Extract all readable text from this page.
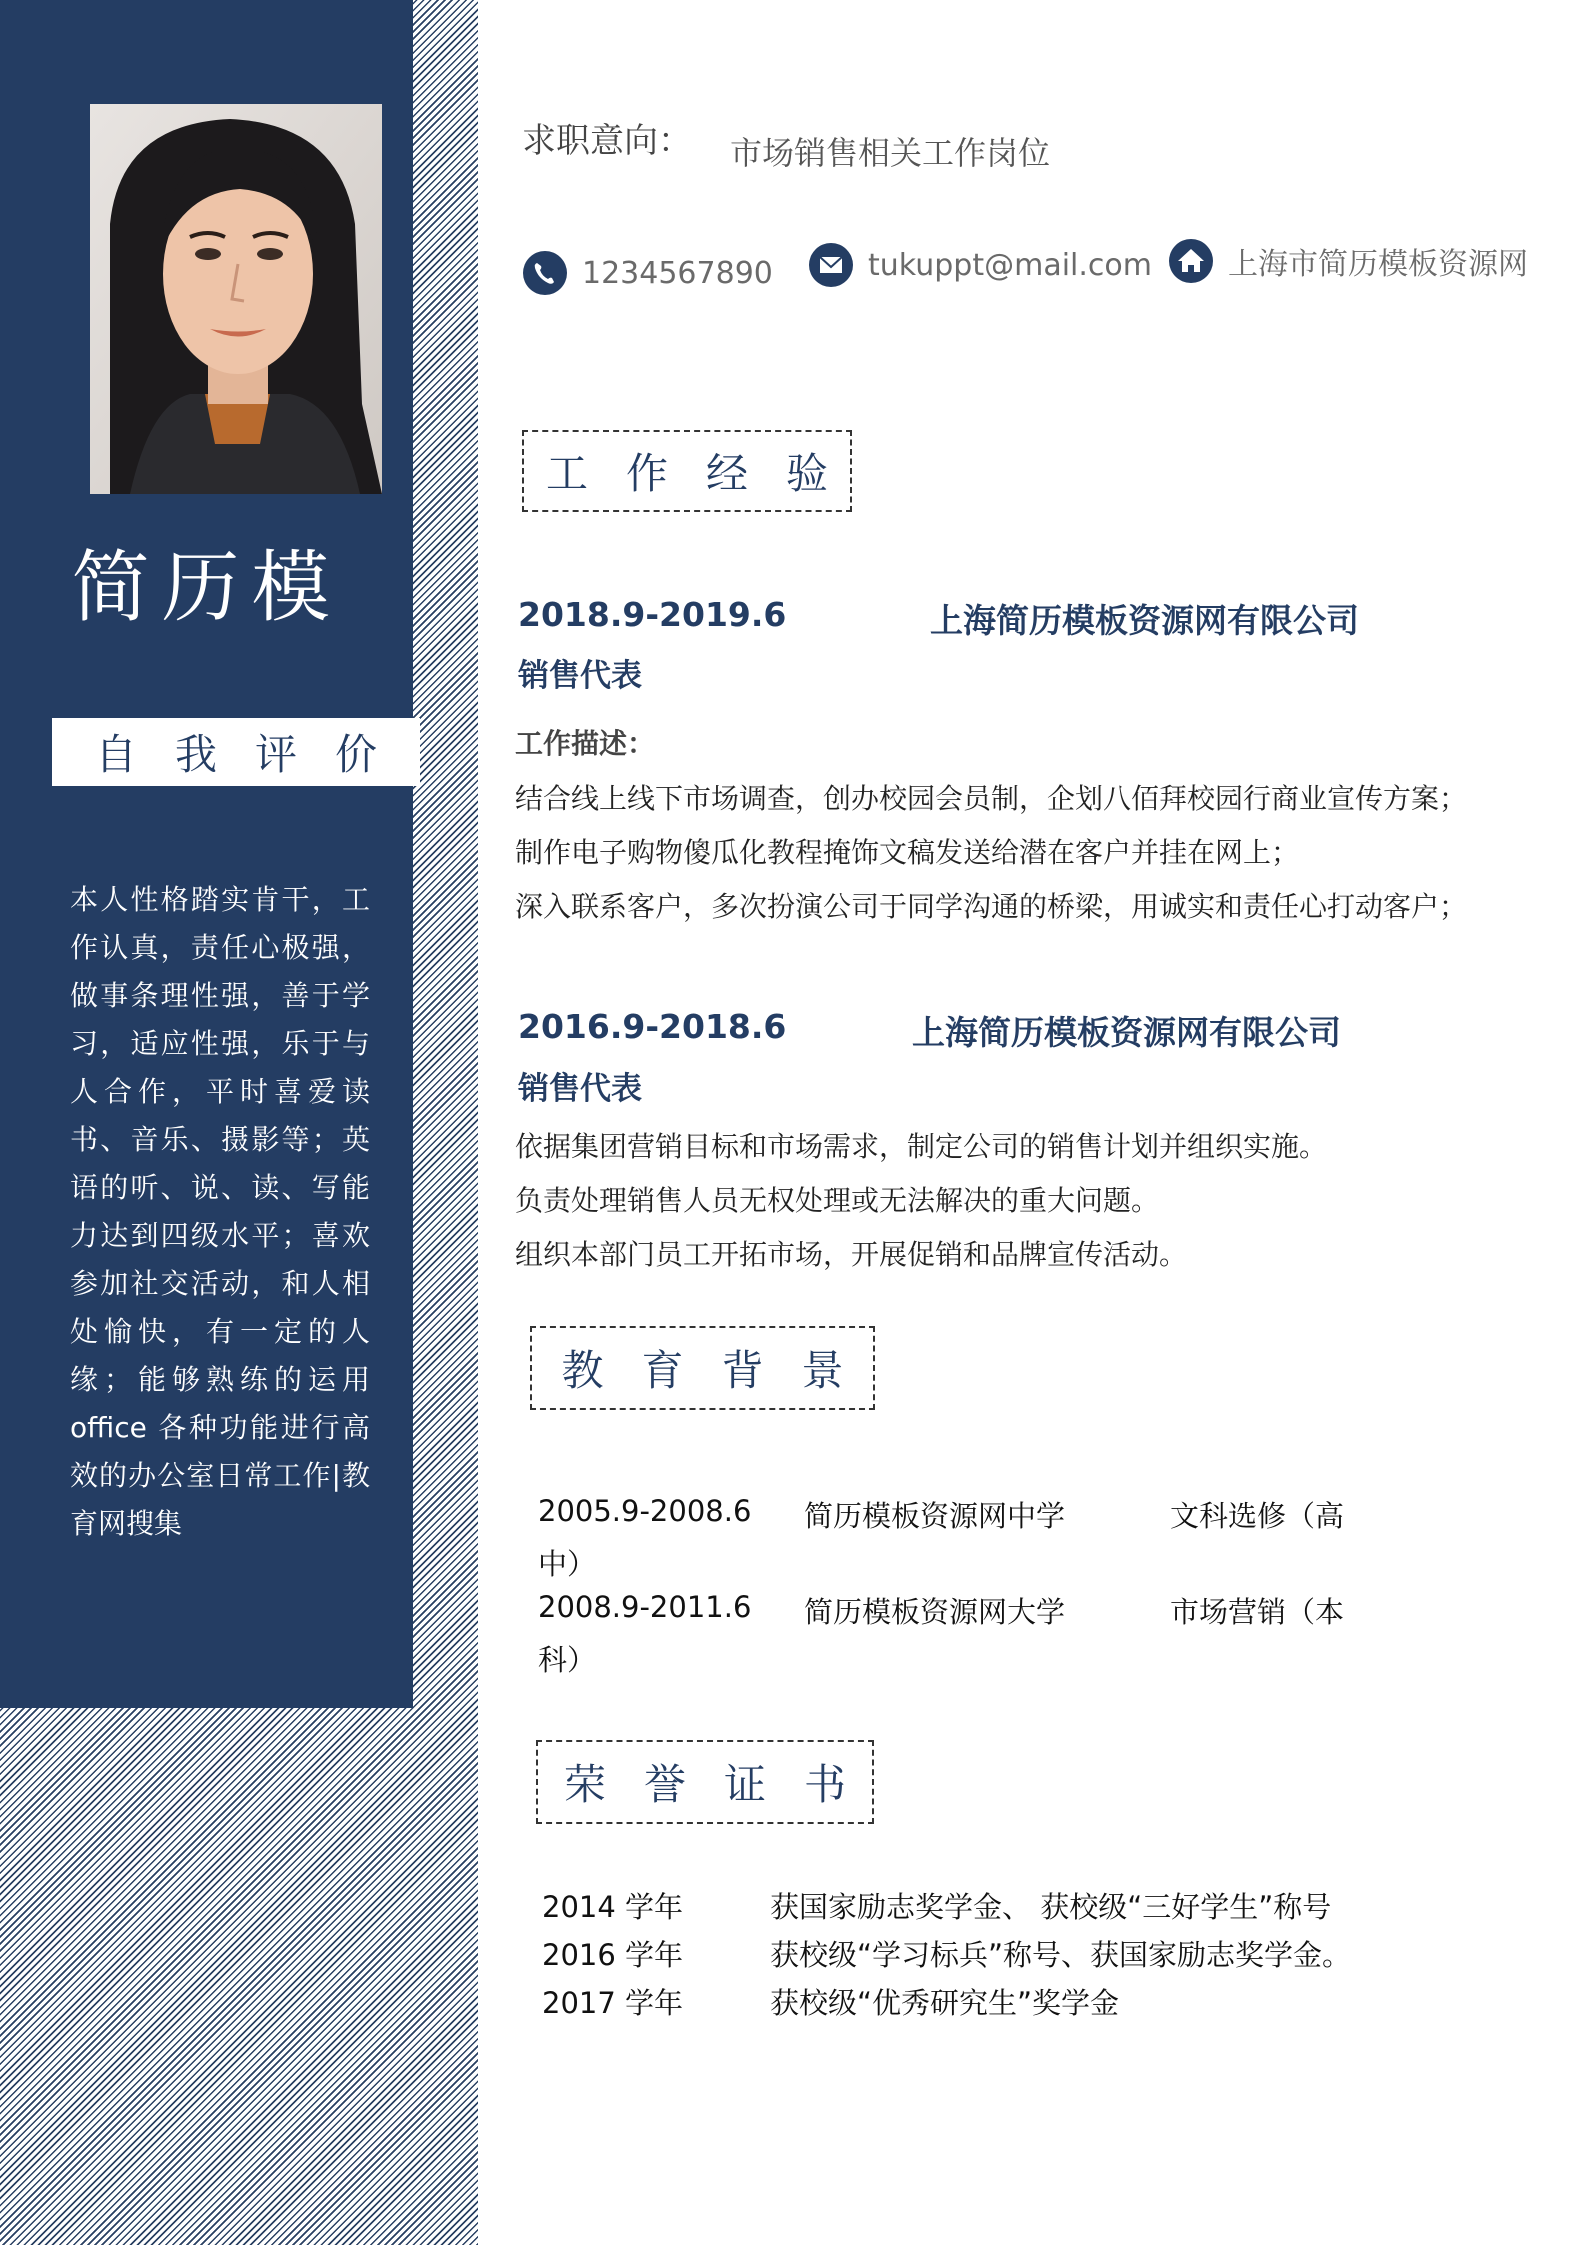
简历模
自我评价
本人性格踏实肯干，工作认真，责任心极强，做事条理性强，善于学习，适应性强，乐于与人合作，平时喜爱读书、音乐、摄影等；英语的听、说、读、写能力达到四级水平；喜欢参加社交活动，和人相处愉快，有一定的人缘；能够熟练的运用 office 各种功能进行高效的办公室日常工作|教育网搜集
求职意向： 市场销售相关工作岗位
1234567890	tukuppt@mail.com	上海市简历模板资源网
工作经验
2018.9-2019.6	上海简历模板资源网有限公司
销售代表
工作描述：
结合线上线下市场调查，创办校园会员制，企划八佰拜校园行商业宣传方案；
制作电子购物傻瓜化教程掩饰文稿发送给潜在客户并挂在网上；
深入联系客户，多次扮演公司于同学沟通的桥梁，用诚实和责任心打动客户；
2016.9-2018.6	上海简历模板资源网有限公司
销售代表
依据集团营销目标和市场需求，制定公司的销售计划并组织实施。
负责处理销售人员无权处理或无法解决的重大问题。
组织本部门员工开拓市场，开展促销和品牌宣传活动。
教育背景
2005.9-2008.6 简历模板资源网中学	文科选修（高
中）
2008.9-2011.6 简历模板资源网大学	市场营销（本
科）
荣誉证书
2014 学年	获国家励志奖学金、 获校级“三好学生”称号
2016 学年	获校级“学习标兵”称号、获国家励志奖学金。
2017 学年	获校级“优秀研究生”奖学金
